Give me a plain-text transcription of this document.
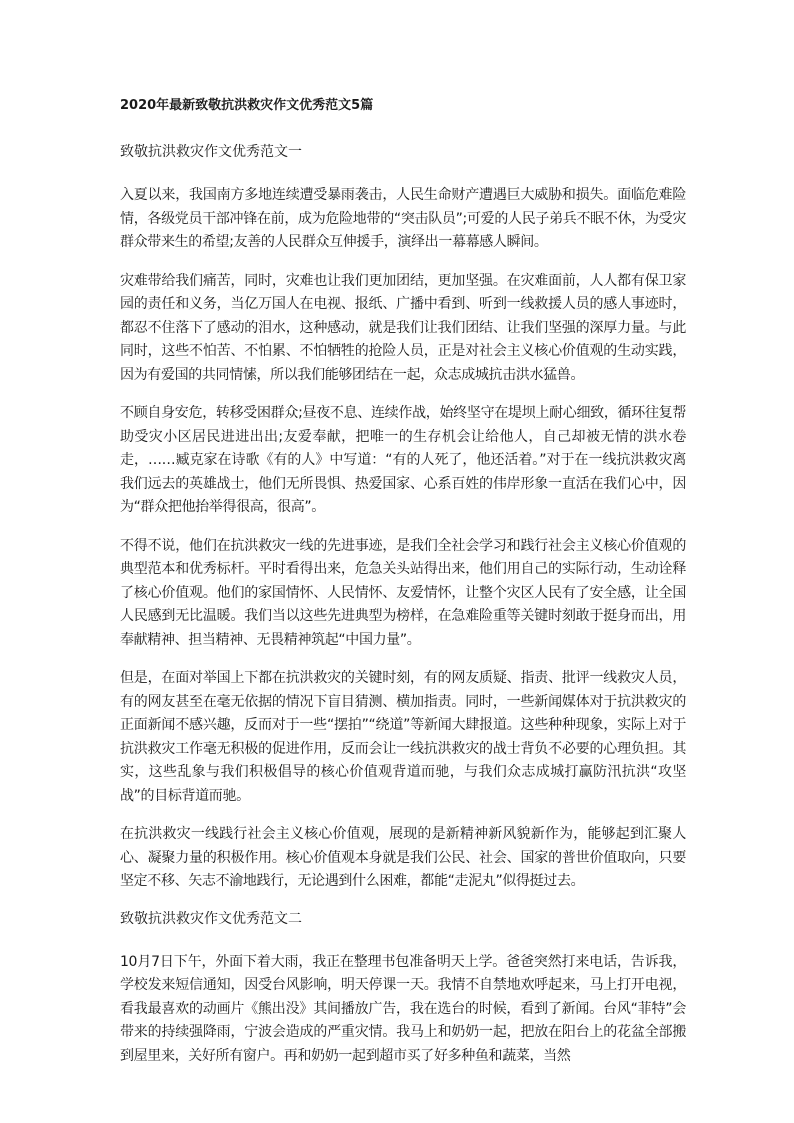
2020年最新致敬抗洪救灾作文优秀范文5篇
致敬抗洪救灾作文优秀范文一

入夏以来，我国南方多地连续遭受暴雨袭击，人民生命财产遭遇巨大威胁和损失。面临危难险情，各级党员干部冲锋在前，成为危险地带的“突击队员”;可爱的人民子弟兵不眠不休，为受灾群众带来生的希望;友善的人民群众互伸援手，演绎出一幕幕感人瞬间。

灾难带给我们痛苦，同时，灾难也让我们更加团结，更加坚强。在灾难面前，人人都有保卫家园的责任和义务，当亿万国人在电视、报纸、广播中看到、听到一线救援人员的感人事迹时，都忍不住落下了感动的泪水，这种感动，就是我们让我们团结、让我们坚强的深厚力量。与此同时，这些不怕苦、不怕累、不怕牺牲的抢险人员，正是对社会主义核心价值观的生动实践，因为有爱国的共同情愫，所以我们能够团结在一起，众志成城抗击洪水猛兽。

不顾自身安危，转移受困群众;昼夜不息、连续作战，始终坚守在堤坝上耐心细致，循环往复帮助受灾小区居民进进出出;友爱奉献，把唯一的生存机会让给他人，自己却被无情的洪水卷走，……臧克家在诗歌《有的人》中写道：“有的人死了，他还活着。”对于在一线抗洪救灾离我们远去的英雄战士，他们无所畏惧、热爱国家、心系百姓的伟岸形象一直活在我们心中，因为“群众把他抬举得很高，很高”。

不得不说，他们在抗洪救灾一线的先进事迹，是我们全社会学习和践行社会主义核心价值观的典型范本和优秀标杆。平时看得出来，危急关头站得出来，他们用自己的实际行动，生动诠释了核心价值观。他们的家国情怀、人民情怀、友爱情怀，让整个灾区人民有了安全感，让全国人民感到无比温暖。我们当以这些先进典型为榜样，在急难险重等关键时刻敢于挺身而出，用奉献精神、担当精神、无畏精神筑起“中国力量”。

但是，在面对举国上下都在抗洪救灾的关键时刻，有的网友质疑、指责、批评一线救灾人员，有的网友甚至在毫无依据的情况下盲目猜测、横加指责。同时，一些新闻媒体对于抗洪救灾的正面新闻不感兴趣，反而对于一些“摆拍”“绕道”等新闻大肆报道。这些种种现象，实际上对于抗洪救灾工作毫无积极的促进作用，反而会让一线抗洪救灾的战士背负不必要的心理负担。其实，这些乱象与我们积极倡导的核心价值观背道而驰，与我们众志成城打赢防汛抗洪“攻坚战”的目标背道而驰。

在抗洪救灾一线践行社会主义核心价值观，展现的是新精神新风貌新作为，能够起到汇聚人心、凝聚力量的积极作用。核心价值观本身就是我们公民、社会、国家的普世价值取向，只要坚定不移、矢志不渝地践行，无论遇到什么困难，都能“走泥丸”似得挺过去。

致敬抗洪救灾作文优秀范文二

10月7日下午，外面下着大雨，我正在整理书包准备明天上学。爸爸突然打来电话，告诉我，学校发来短信通知，因受台风影响，明天停课一天。我情不自禁地欢呼起来，马上打开电视，看我最喜欢的动画片《熊出没》其间播放广告，我在选台的时候，看到了新闻。台风“菲特”会带来的持续强降雨，宁波会造成的严重灾情。我马上和奶奶一起，把放在阳台上的花盆全部搬到屋里来，关好所有窗户。再和奶奶一起到超市买了好多种鱼和蔬菜，当然
